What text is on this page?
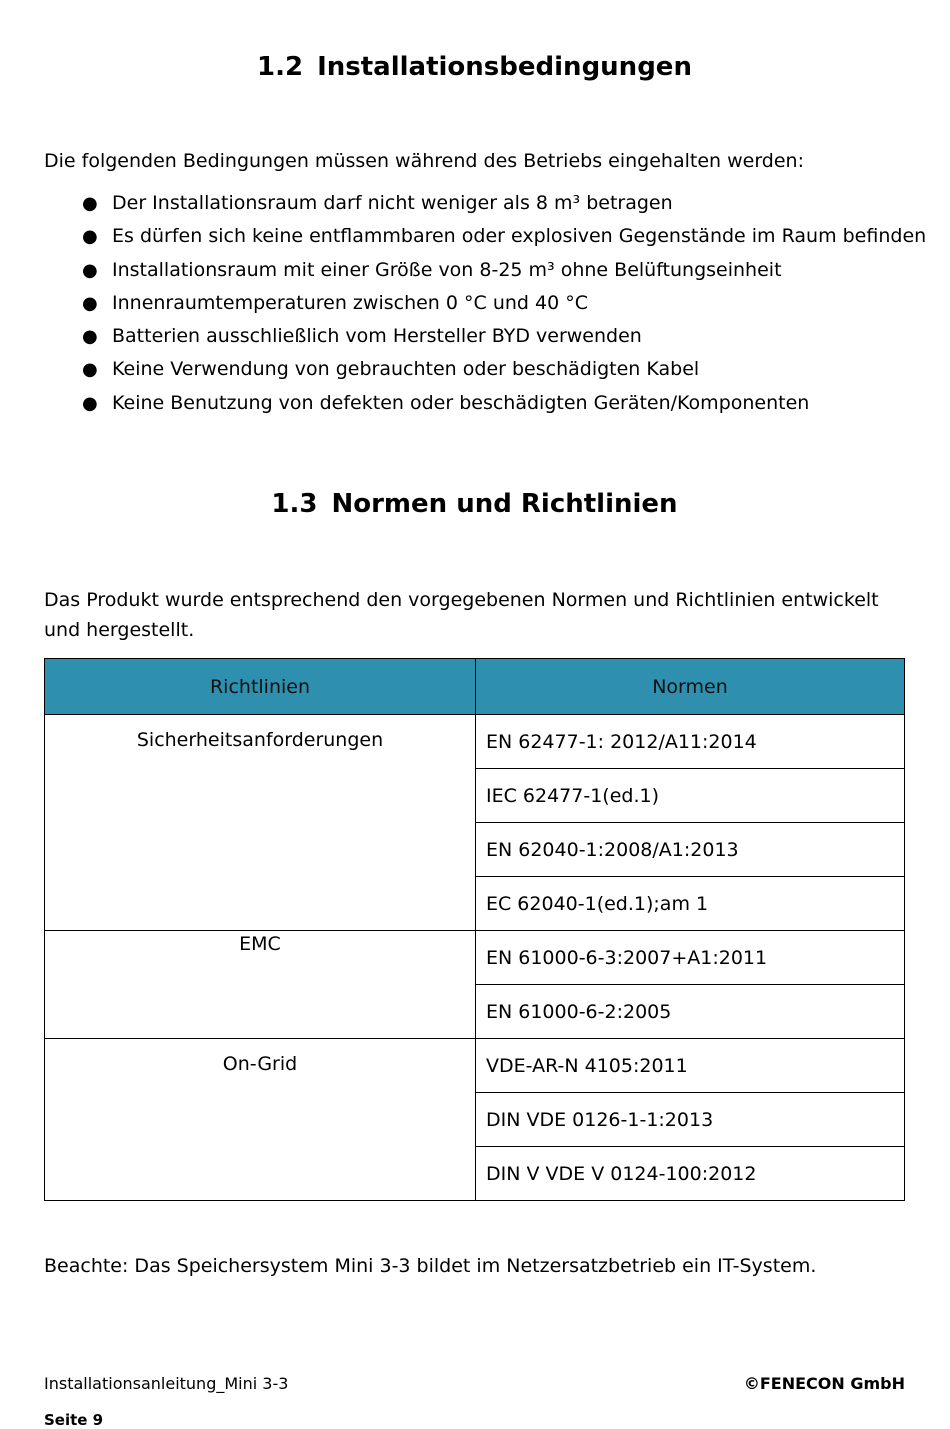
1.2 Installationsbedingungen

Die folgenden Bedingungen müssen während des Betriebs eingehalten werden:

● Der Installationsraum darf nicht weniger als 8 m³ betragen
● Es dürfen sich keine entflammbaren oder explosiven Gegenstände im Raum befinden
● Installationsraum mit einer Größe von 8-25 m³ ohne Belüftungseinheit
● Innenraumtemperaturen zwischen 0 °C und 40 °C
● Batterien ausschließlich vom Hersteller BYD verwenden
● Keine Verwendung von gebrauchten oder beschädigten Kabel
● Keine Benutzung von defekten oder beschädigten Geräten/Komponenten
1.3 Normen und Richtlinien

Das Produkt wurde entsprechend den vorgegebenen Normen und Richtlinien entwickelt und hergestellt.

Richtlinien	Normen
Sicherheitsanforderungen	EN 62477-1: 2012/A11:2014
	IEC 62477-1(ed.1)
	EN 62040-1:2008/A1:2013
	EC 62040-1(ed.1);am 1
EMC	EN 61000-6-3:2007+A1:2011
	EN 61000-6-2:2005
On-Grid	VDE-AR-N 4105:2011
	DIN VDE 0126-1-1:2013
	DIN V VDE V 0124-100:2012

Beachte: Das Speichersystem Mini 3-3 bildet im Netzersatzbetrieb ein IT-System.

Installationsanleitung_Mini 3-3	©FENECON GmbH
Seite 9
